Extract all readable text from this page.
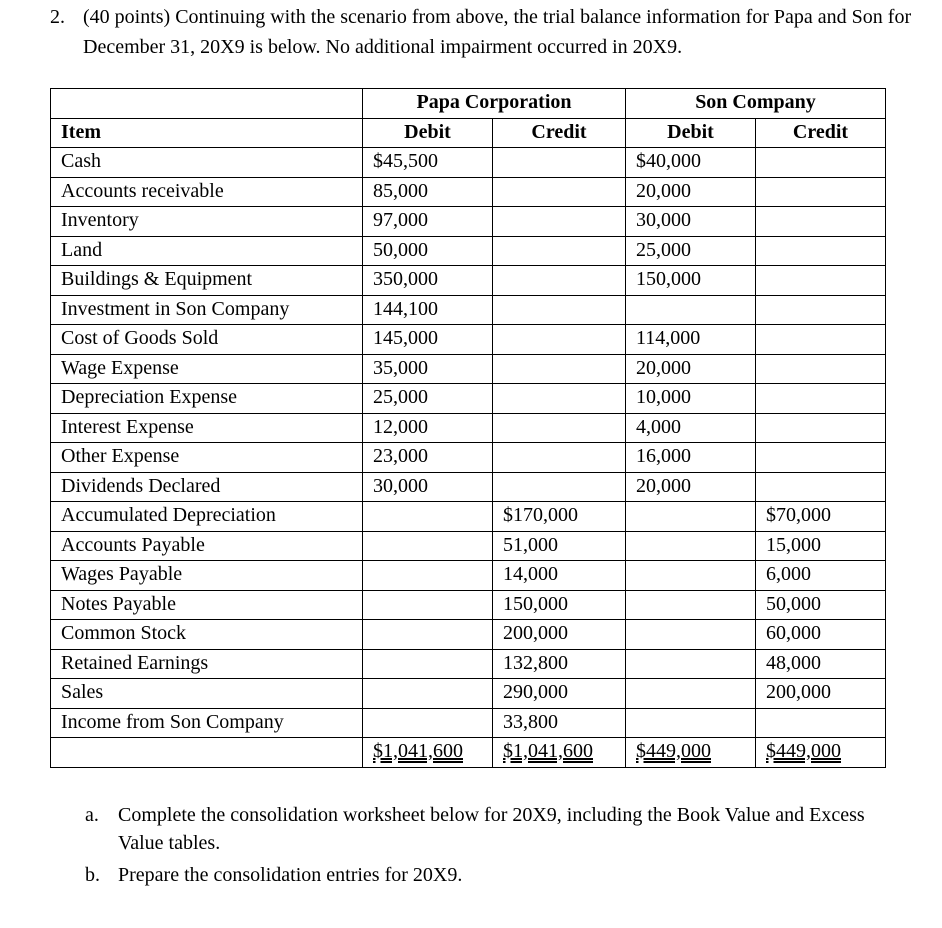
2. (40 points) Continuing with the scenario from above, the trial balance information for Papa and Son for December 31, 20X9 is below. No additional impairment occurred in 20X9.
	Papa Corporation		Son Company	
Item	Debit	Credit	Debit	Credit
Cash	$45,500		$40,000	
Accounts receivable	85,000		20,000	
Inventory	97,000		30,000	
Land	50,000		25,000	
Buildings & Equipment	350,000		150,000	
Investment in Son Company	144,100			
Cost of Goods Sold	145,000		114,000	
Wage Expense	35,000		20,000	
Depreciation Expense	25,000		10,000	
Interest Expense	12,000		4,000	
Other Expense	23,000		16,000	
Dividends Declared	30,000		20,000	
Accumulated Depreciation		$170,000		$70,000
Accounts Payable		51,000		15,000
Wages Payable		14,000		6,000
Notes Payable		150,000		50,000
Common Stock		200,000		60,000
Retained Earnings		132,800		48,000
Sales		290,000		200,000
Income from Son Company		33,800		
	$1,041,600	$1,041,600	$449,000	$449,000
a. Complete the consolidation worksheet below for 20X9, including the Book Value and Excess Value tables.
b. Prepare the consolidation entries for 20X9.
